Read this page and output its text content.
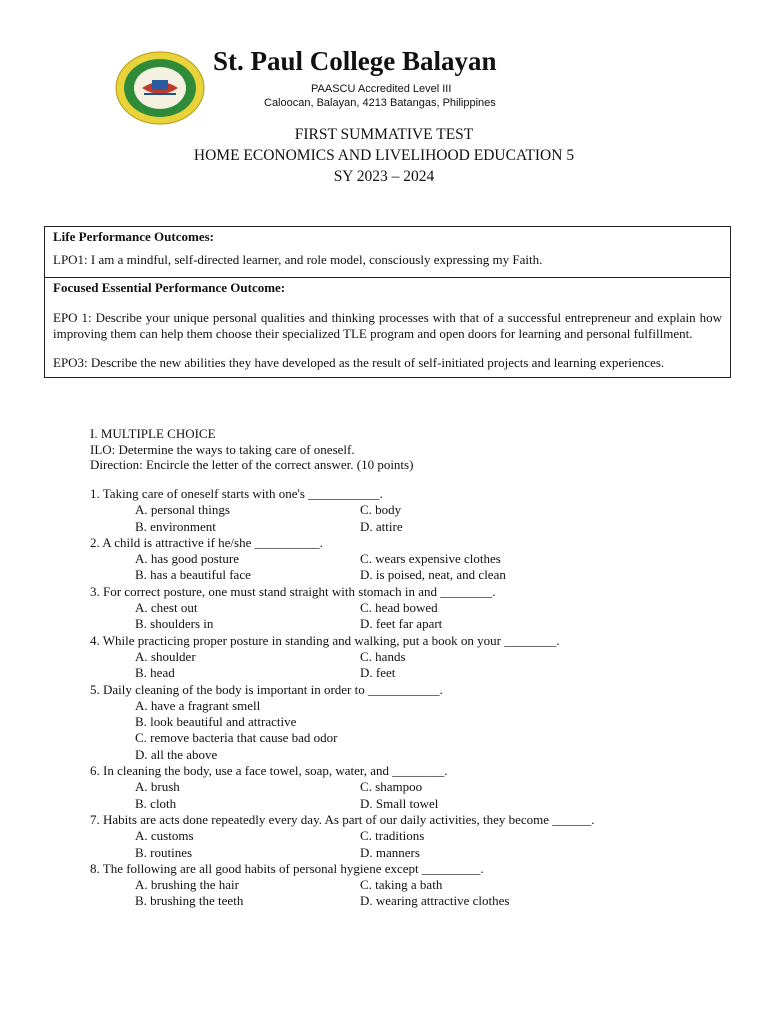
St. Paul College Balayan
PAASCU Accredited Level III
Caloocan, Balayan, 4213 Batangas, Philippines
FIRST SUMMATIVE TEST
HOME ECONOMICS AND LIVELIHOOD EDUCATION 5
SY 2023 – 2024
Life Performance Outcomes:

LPO1: I am a mindful, self-directed learner, and role model, consciously expressing my Faith.

Focused Essential Performance Outcome:

EPO 1: Describe your unique personal qualities and thinking processes with that of a successful entrepreneur and explain how improving them can help them choose their specialized TLE program and open doors for learning and personal fulfillment.

EPO3: Describe the new abilities they have developed as the result of self-initiated projects and learning experiences.

I. MULTIPLE CHOICE
ILO: Determine the ways to taking care of oneself.
Direction: Encircle the letter of the correct answer. (10 points)
1. Taking care of oneself starts with one's ___________.
A. personal things	C. body
B. environment	D. attire
2. A child is attractive if he/she __________.
A. has good posture	C. wears expensive clothes
B. has a beautiful face	D. is poised, neat, and clean
3. For correct posture, one must stand straight with stomach in and ________.
A. chest out	C. head bowed
B. shoulders in	D. feet far apart
4. While practicing proper posture in standing and walking, put a book on your ________.
A. shoulder	C. hands
B. head	D. feet
5. Daily cleaning of the body is important in order to ___________.
A. have a fragrant smell
B. look beautiful and attractive
C. remove bacteria that cause bad odor
D. all the above
6. In cleaning the body, use a face towel, soap, water, and ________.
A. brush	C. shampoo
B. cloth	D. Small towel
7. Habits are acts done repeatedly every day. As part of our daily activities, they become ______.
A. customs	C. traditions
B. routines	D. manners
8. The following are all good habits of personal hygiene except _________.
A. brushing the hair	C. taking a bath
B. brushing the teeth	D. wearing attractive clothes
